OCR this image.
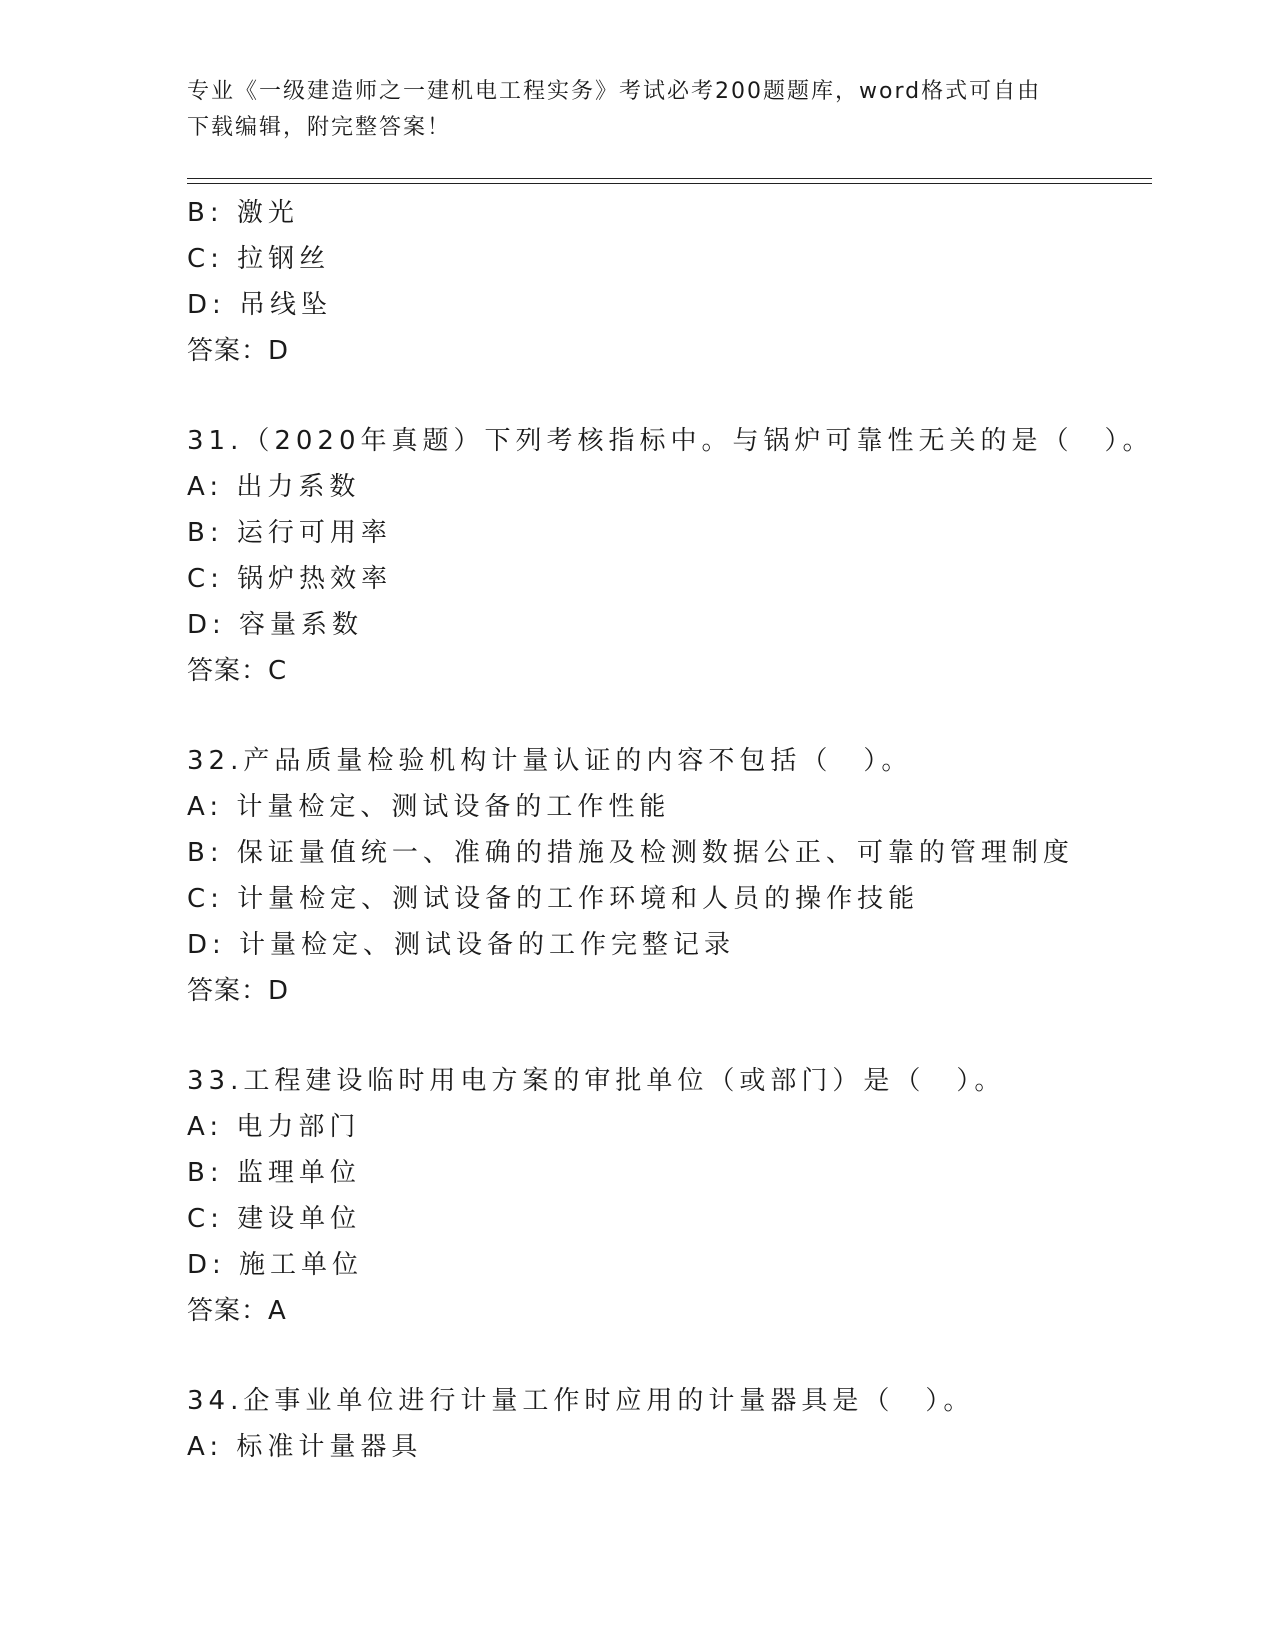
专业《一级建造师之一建机电工程实务》考试必考200题题库，word格式可自由
下载编辑，附完整答案！
B: 激光
C: 拉钢丝
D: 吊线坠
答案：D
31.（2020年真题）下列考核指标中。与锅炉可靠性无关的是（　）。
A: 出力系数
B: 运行可用率
C: 锅炉热效率
D: 容量系数
答案：C
32.产品质量检验机构计量认证的内容不包括（　）。
A: 计量检定、测试设备的工作性能
B: 保证量值统一、准确的措施及检测数据公正、可靠的管理制度
C: 计量检定、测试设备的工作环境和人员的操作技能
D: 计量检定、测试设备的工作完整记录
答案：D
33.工程建设临时用电方案的审批单位（或部门）是（　）。
A: 电力部门
B: 监理单位
C: 建设单位
D: 施工单位
答案：A
34.企事业单位进行计量工作时应用的计量器具是（　）。
A: 标准计量器具
